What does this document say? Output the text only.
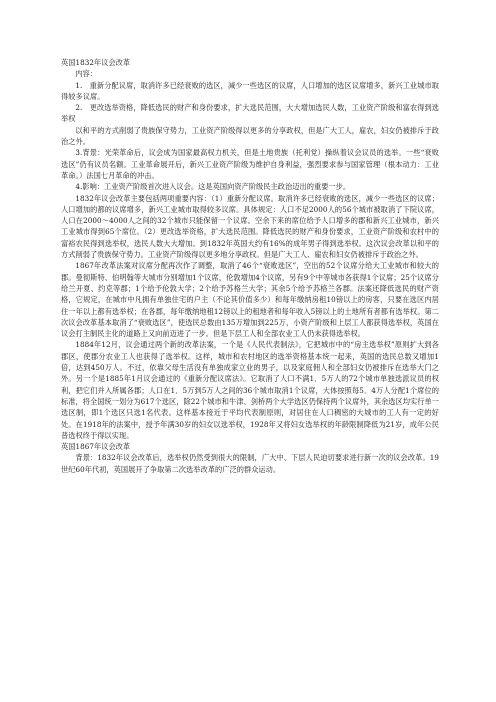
英国1832年议会改革

内容：

1.　重新分配议席，取消许多已经衰败的选区，减少一些选区的议席，人口增加的选区议席增多，新兴工业城市取得较多议席。

2.　更改选举资格，降低选民的财产和身份要求，扩大选民范围，大大增加选民人数，工业资产阶级和富农得到选举权

以和平的方式削弱了贵族保守势力，工业资产阶级得以更多的分享政权，但是广大工人，雇农，妇女仍被排斥于政治之外。

3.背景：光荣革命后，议会成为国家最高权力机关，但是土地贵族（托利党）操纵着议会议员的选举。一些“衰败选区”仍有议员名额。工业革命展开后，新兴工业资产阶级为维护自身利益，强烈要求参与国家管理（根本动力：工业革命。）法国七月革命的冲击。

4.影响：工业资产阶级首次进入议会。这是英国向资产阶级民主政治迈出的重要一步。

1832年议会改革主要包括两项重要内容：（1）重新分配议席。取消许多已经衰败的选区，减少一些选区的议席；人口增加的都的议席增多，新兴工业城市取得较多议席。具体规定：人口不足2000人的56个城市被取消了下院议席，人口在2000～4000人之间的32个城市只能保留一个议席。空余下来的席位给予人口增多的郡和新兴工业城市，新兴工业城市得到65个席位。（2）更改选举资格，扩大选民范围。降低选民的财产和身份要求，工业资产阶级和农村中的富裕农民得到选举权，选民人数大大增加。到1832年英国大约有16%的成年男子得到选举权。这次议会改革以和平的方式削弱了贵族保守势力。工业资产阶级得以更多地分享政权。但是广大工人、雇农和妇女仍被排斥于政治之外。

1867年改革法案对议席分配再次作了调整，取消了46个“衰败选区”，空出的52个议席分给大工业城市和较大的郡。曼彻斯特、伯明翰等大城市分别增加1个议席，伦敦增加4个议席，另有9个中等城市各获得1个议席；25个议席分给兰开夏、约克等郡；1个给予伦敦大学；2个给予苏格兰大学；其余5个给予苏格兰各郡。法案还降低选民的财产资格，它规定，在城市中凡拥有单独住宅的户主（不论其价值多少）和每年缴纳房租10镑以上的房客，只要在选区内居住一年以上都有选举权；在各郡，每年缴纳地租12镑以上的租地者和每年收入5镑以上的土地所有者都有选举权。第二次议会改革基本取消了“衰败选区”，使选民总数由135万增加到225万，小资产阶级和上层工人都获得选举权，英国在议会打主制民主化的道路上又向前迈进了一步。但是下层工人和全部农业工人仍未获得选举权。

1884年12月，议会通过两个新的改革法案，一个是《人民代表制法》，它把城市中的“房主选举权”原则扩大到各郡区，使郡分农业工人也获得了选举权。这样，城市和农村地区的选举资格基本统一起来，英国的选民总数又增加1倍，达到450万人。不过，依靠父母生活没有单独成家立业的男子，以及家庭佣人和全部妇女仍被排斥在选举大门之外。另一个是1885年1月议会通过的《重新分配议席法》。它取消了人口不满1．5万人的72个城市单独选派议员的权利，把它们并入所属各郡；人口在1．5万到5万人之间的36个城市取消1个议席，大体按照每5．4万人分配1个席位的标准，将全国统一划分为617个选区，除22个城市和牛津、剑桥两个大学选区仍保持两个议席外，其余选区均实行单一选区制，即1个选区只选1名代表。这样基本接近于平均代表制原则，对居住在人口稠密的大城市的工人有一定的好处。在1918年的法案中，授予年满30岁的妇女以选举权，1928年又将妇女选举权的年龄限制降低为21岁，成年公民普选权终于得以实现。

英国1867年议会改革

背景：1832年议会改革后，选举权仍然受到很大的限制，广大中、下层人民迫切要求进行新一次的议会改革。19世纪60年代初，英国展开了争取第二次选举改革的广泛的群众运动。
